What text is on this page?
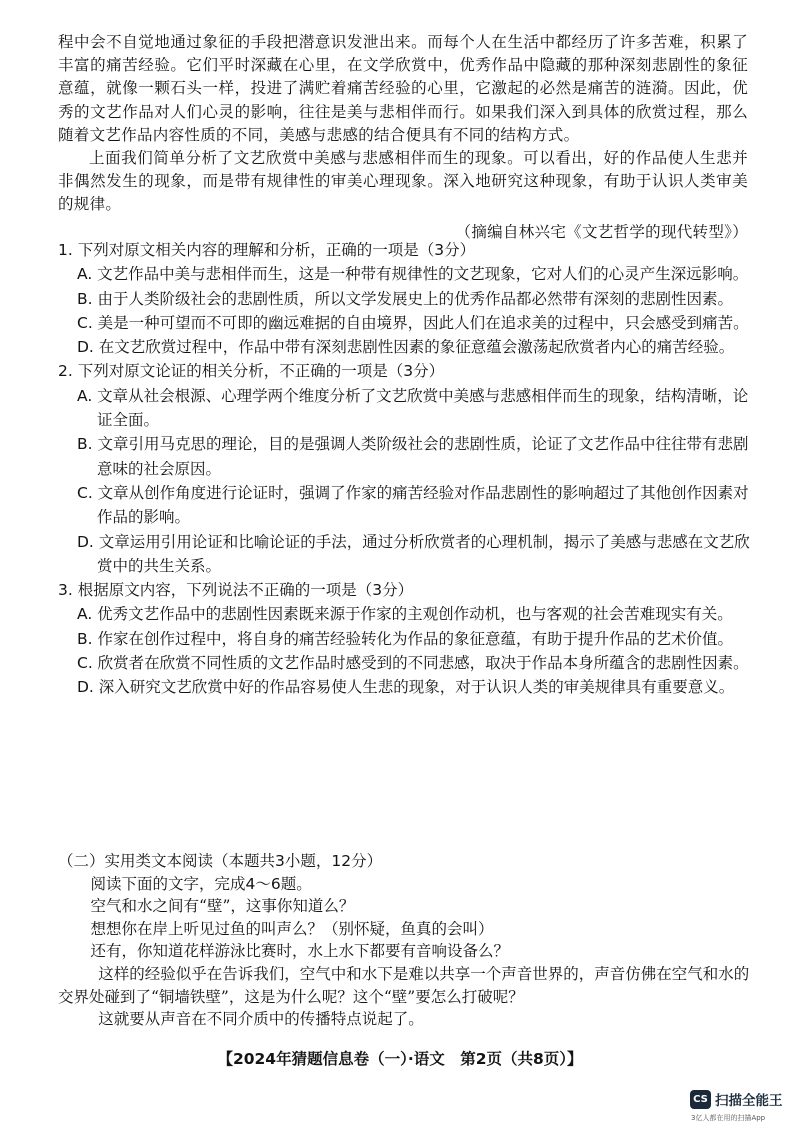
程中会不自觉地通过象征的手段把潜意识发泄出来。而每个人在生活中都经历了许多苦难，积累了丰富的痛苦经验。它们平时深藏在心里，在文学欣赏中，优秀作品中隐藏的那种深刻悲剧性的象征意蕴，就像一颗石头一样，投进了满贮着痛苦经验的心里，它激起的必然是痛苦的涟漪。因此，优秀的文艺作品对人们心灵的影响，往往是美与悲相伴而行。如果我们深入到具体的欣赏过程，那么随着文艺作品内容性质的不同，美感与悲感的结合便具有不同的结构方式。

上面我们简单分析了文艺欣赏中美感与悲感相伴而生的现象。可以看出，好的作品使人生悲并非偶然发生的现象，而是带有规律性的审美心理现象。深入地研究这种现象，有助于认识人类审美的规律。

（摘编自林兴宅《文艺哲学的现代转型》）

1. 下列对原文相关内容的理解和分析，正确的一项是（3分）

A. 文艺作品中美与悲相伴而生，这是一种带有规律性的文艺现象，它对人们的心灵产生深远影响。

B. 由于人类阶级社会的悲剧性质，所以文学发展史上的优秀作品都必然带有深刻的悲剧性因素。

C. 美是一种可望而不可即的幽远难据的自由境界，因此人们在追求美的过程中，只会感受到痛苦。

D. 在文艺欣赏过程中，作品中带有深刻悲剧性因素的象征意蕴会激荡起欣赏者内心的痛苦经验。

2. 下列对原文论证的相关分析，不正确的一项是（3分）

A. 文章从社会根源、心理学两个维度分析了文艺欣赏中美感与悲感相伴而生的现象，结构清晰，论证全面。

B. 文章引用马克思的理论，目的是强调人类阶级社会的悲剧性质，论证了文艺作品中往往带有悲剧意味的社会原因。

C. 文章从创作角度进行论证时，强调了作家的痛苦经验对作品悲剧性的影响超过了其他创作因素对作品的影响。

D. 文章运用引用论证和比喻论证的手法，通过分析欣赏者的心理机制，揭示了美感与悲感在文艺欣赏中的共生关系。

3. 根据原文内容，下列说法不正确的一项是（3分）

A. 优秀文艺作品中的悲剧性因素既来源于作家的主观创作动机，也与客观的社会苦难现实有关。

B. 作家在创作过程中，将自身的痛苦经验转化为作品的象征意蕴，有助于提升作品的艺术价值。

C. 欣赏者在欣赏不同性质的文艺作品时感受到的不同悲感，取决于作品本身所蕴含的悲剧性因素。

D. 深入研究文艺欣赏中好的作品容易使人生悲的现象，对于认识人类的审美规律具有重要意义。

（二）实用类文本阅读（本题共3小题，12分）

阅读下面的文字，完成4～6题。

空气和水之间有“壁”，这事你知道么？

想想你在岸上听见过鱼的叫声么？（别怀疑，鱼真的会叫）

还有，你知道花样游泳比赛时，水上水下都要有音响设备么？

这样的经验似乎在告诉我们，空气中和水下是难以共享一个声音世界的，声音仿佛在空气和水的交界处碰到了“铜墙铁壁”，这是为什么呢？这个“壁”要怎么打破呢？

这就要从声音在不同介质中的传播特点说起了。

【2024年猜题信息卷（一）·语文　第2页（共8页）】
CS 扫描全能王
3亿人都在用的扫描App
